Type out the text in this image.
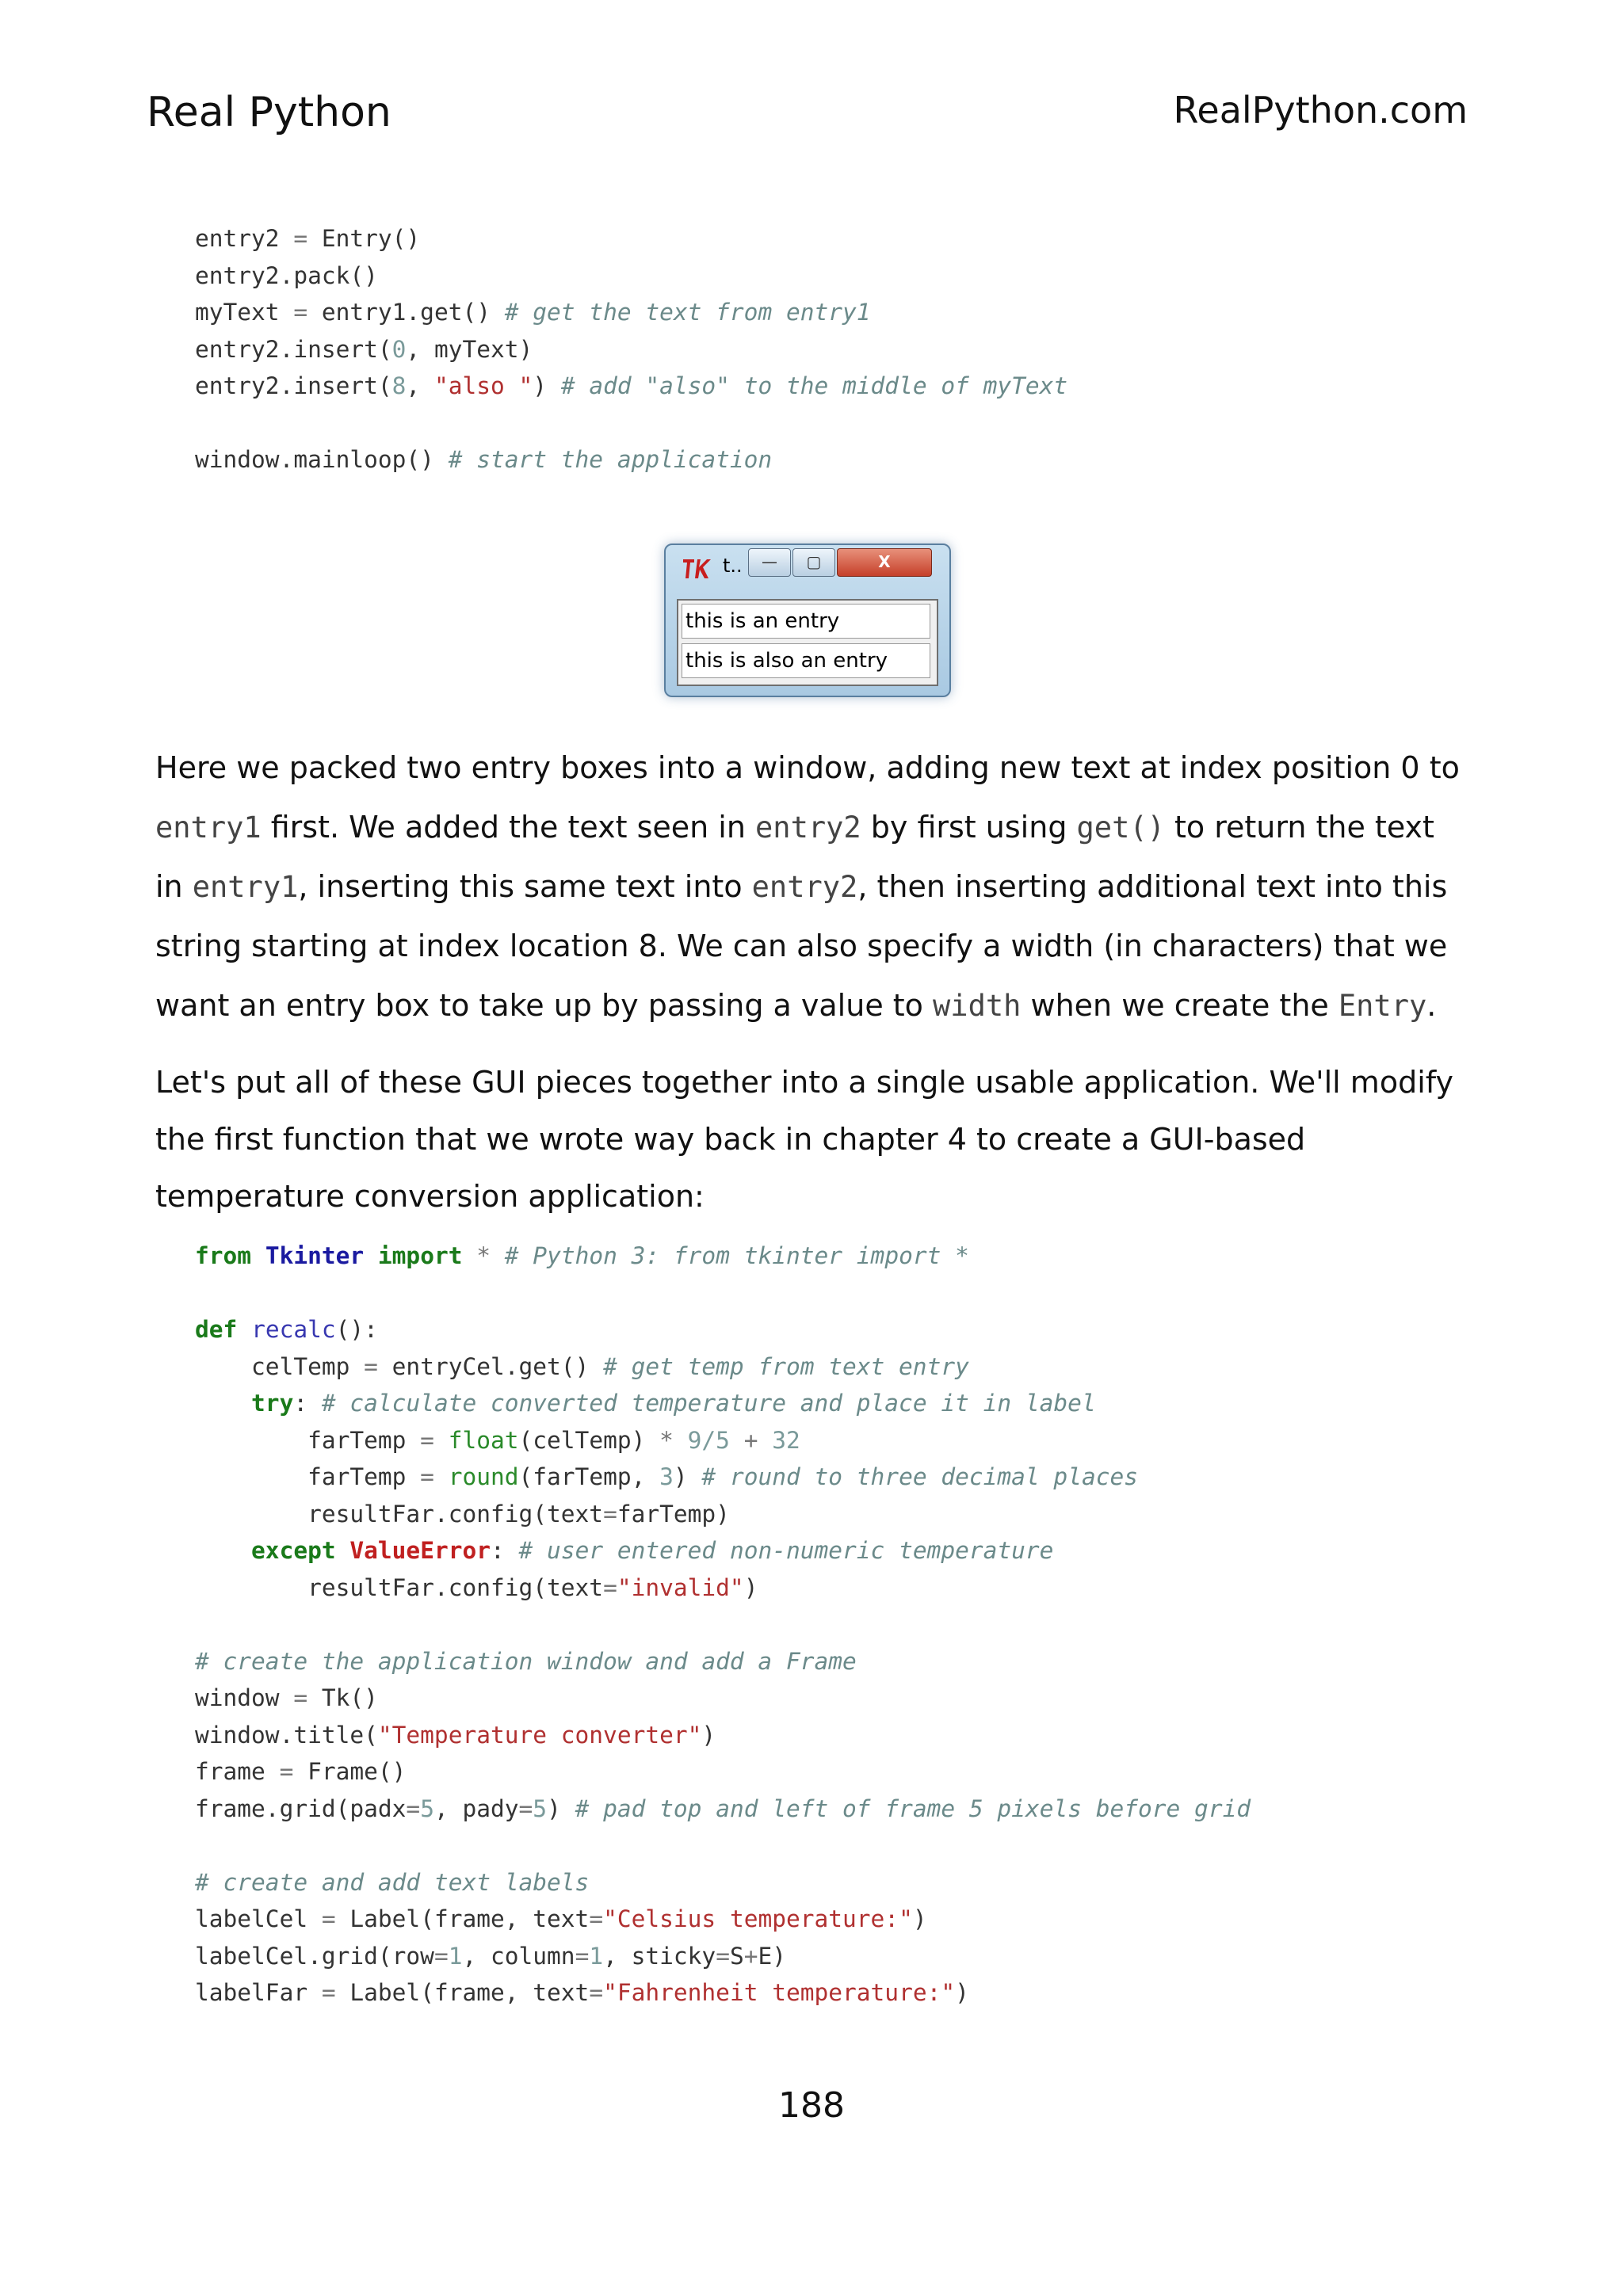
Real Python	RealPython.com
entry2 = Entry()
entry2.pack()
myText = entry1.get() # get the text from entry1
entry2.insert(0, myText)
entry2.insert(8, "also ") # add "also" to the middle of myText
window.mainloop() # start the application
t..	—	▢	X
this is an entry
this is also an entry

Here we packed two entry boxes into a window, adding new text at index position 0 to
entry1 first. We added the text seen in entry2 by first using get() to return the text
in entry1, inserting this same text into entry2, then inserting additional text into this
string starting at index location 8. We can also specify a width (in characters) that we
want an entry box to take up by passing a value to width when we create the Entry.

Let's put all of these GUI pieces together into a single usable application. We'll modify
the first function that we wrote way back in chapter 4 to create a GUI-based
temperature conversion application:

from Tkinter import * # Python 3: from tkinter import *
def recalc():
celTemp = entryCel.get() # get temp from text entry
try: # calculate converted temperature and place it in label
farTemp = float(celTemp) * 9/5 + 32
farTemp = round(farTemp, 3) # round to three decimal places
resultFar.config(text=farTemp)
except ValueError: # user entered non-numeric temperature
resultFar.config(text="invalid")
# create the application window and add a Frame
window = Tk()
window.title("Temperature converter")
frame = Frame()
frame.grid(padx=5, pady=5) # pad top and left of frame 5 pixels before grid
# create and add text labels
labelCel = Label(frame, text="Celsius temperature:")
labelCel.grid(row=1, column=1, sticky=S+E)
labelFar = Label(frame, text="Fahrenheit temperature:")
188
